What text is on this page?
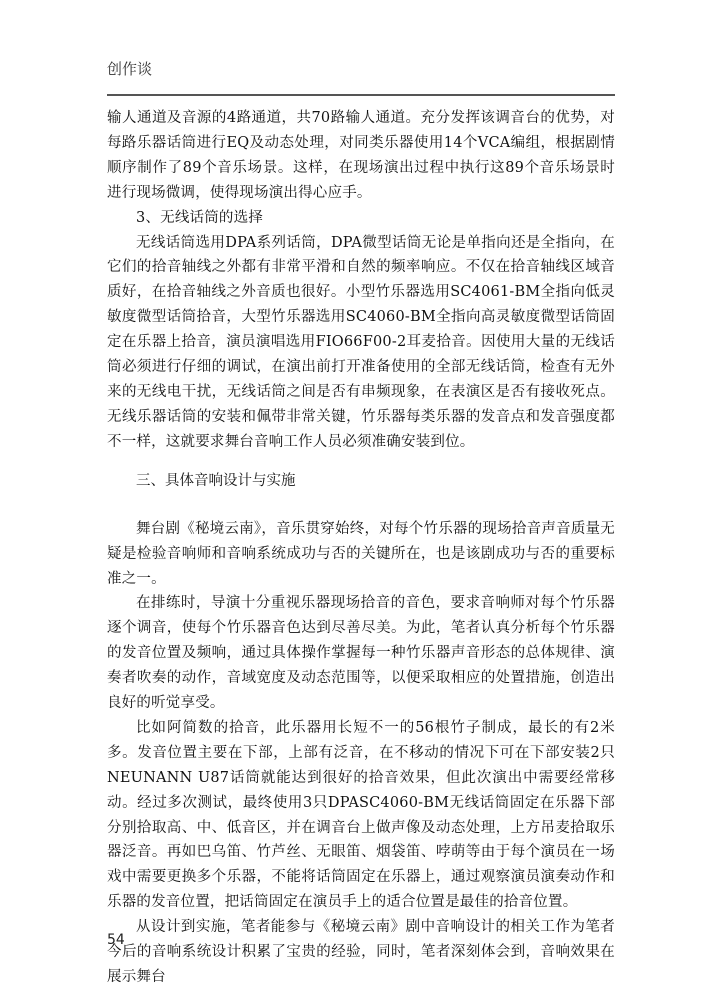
创作谈

输人通道及音源的4路通道，共70路输人通道。充分发挥该调音台的优势，对每路乐器话筒进行EQ及动态处理，对同类乐器使用14个VCA编组，根据剧情顺序制作了89个音乐场景。这样，在现场演出过程中执行这89个音乐场景时进行现场微调，使得现场演出得心应手。

3、无线话筒的选择

无线话筒选用DPA系列话筒，DPA微型话筒无论是单指向还是全指向，在它们的拾音轴线之外都有非常平滑和自然的频率响应。不仅在拾音轴线区域音质好，在拾音轴线之外音质也很好。小型竹乐器选用SC4061-BM全指向低灵敏度微型话筒拾音，大型竹乐器选用SC4060-BM全指向高灵敏度微型话筒固定在乐器上拾音，演员演唱选用FIO66F00-2耳麦拾音。因使用大量的无线话筒必须进行仔细的调试，在演出前打开准备使用的全部无线话筒，检查有无外来的无线电干扰，无线话筒之间是否有串频现象，在表演区是否有接收死点。无线乐器话筒的安装和佩带非常关键，竹乐器每类乐器的发音点和发音强度都不一样，这就要求舞台音响工作人员必须准确安装到位。

三、具体音响设计与实施

舞台剧《秘境云南》，音乐贯穿始终，对每个竹乐器的现场拾音声音质量无疑是检验音响师和音响系统成功与否的关键所在，也是该剧成功与否的重要标准之一。

在排练时，导演十分重视乐器现场拾音的音色，要求音响师对每个竹乐器逐个调音，使每个竹乐器音色达到尽善尽美。为此，笔者认真分析每个竹乐器的发音位置及频响，通过具体操作掌握每一种竹乐器声音形态的总体规律、演奏者吹奏的动作，音域宽度及动态范围等，以便采取相应的处置措施，创造出良好的听觉享受。

比如阿简数的拾音，此乐器用长短不一的56根竹子制成，最长的有2米多。发音位置主要在下部，上部有泛音，在不移动的情况下可在下部安装2只NEUNANN U87话筒就能达到很好的拾音效果，但此次演出中需要经常移动。经过多次测试，最终使用3只DPASC4060-BM无线话筒固定在乐器下部分别拾取高、中、低音区，并在调音台上做声像及动态处理，上方吊麦拾取乐器泛音。再如巴乌笛、竹芦丝、无眼笛、烟袋笛、哱萌等由于每个演员在一场戏中需要更换多个乐器，不能将话筒固定在乐器上，通过观察演员演奏动作和乐器的发音位置，把话筒固定在演员手上的适合位置是最佳的拾音位置。

从设计到实施，笔者能参与《秘境云南》剧中音响设计的相关工作为笔者今后的音响系统设计积累了宝贵的经验，同时，笔者深刻体会到，音响效果在展示舞台

54
